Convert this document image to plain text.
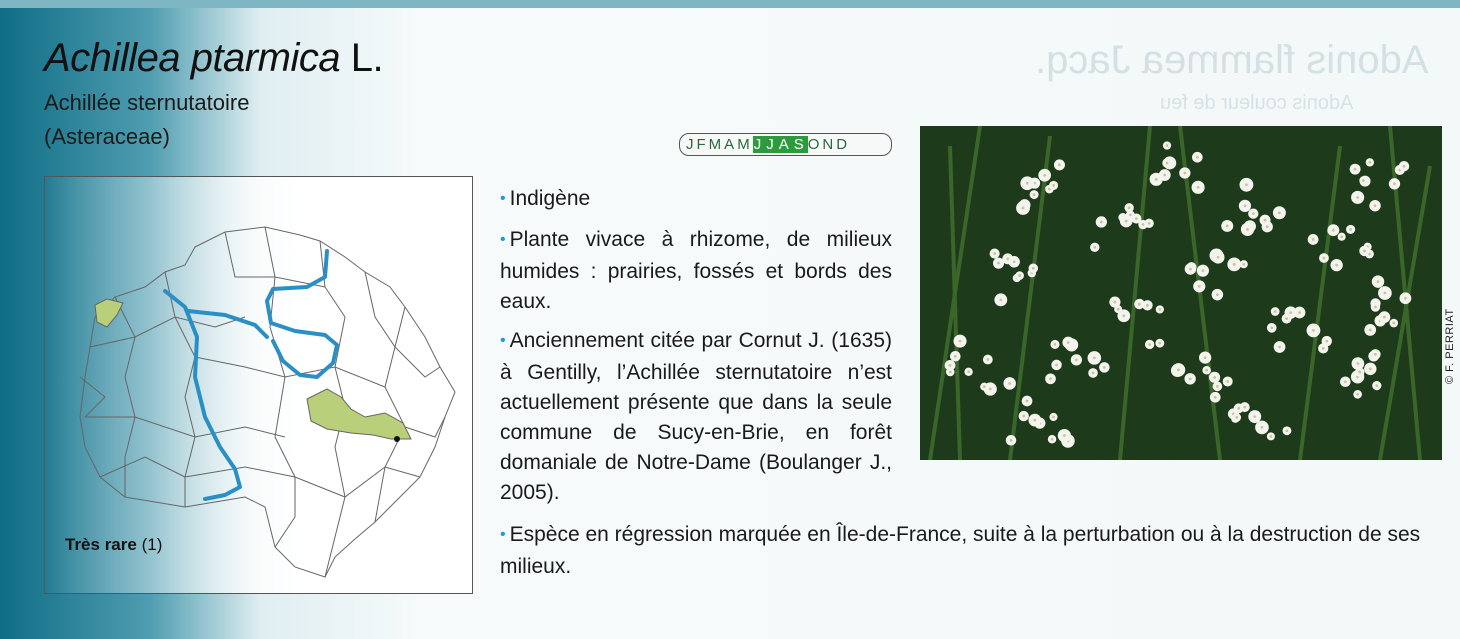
Adonis flammea Jacq.
Adonis couleur de feu
Achillea ptarmica L.
Achillée sternutatoire
(Asteraceae)	J F M A M J J A S O N D
Très rare (1)

• Indigène

• Plante vivace à rhizome, de milieux humides : prairies, fossés et bords des eaux.

• Anciennement citée par Cornut J. (1635) à Gentilly, l’Achillée sternutatoire n’est actuellement présente que dans la seule commune de Sucy-en-Brie, en forêt domaniale de Notre-Dame (Boulanger J., 2005).

• Espèce en régression marquée en Île-de-France, suite à la perturbation ou à la destruction de ses milieux.
© F. PERRIAT
